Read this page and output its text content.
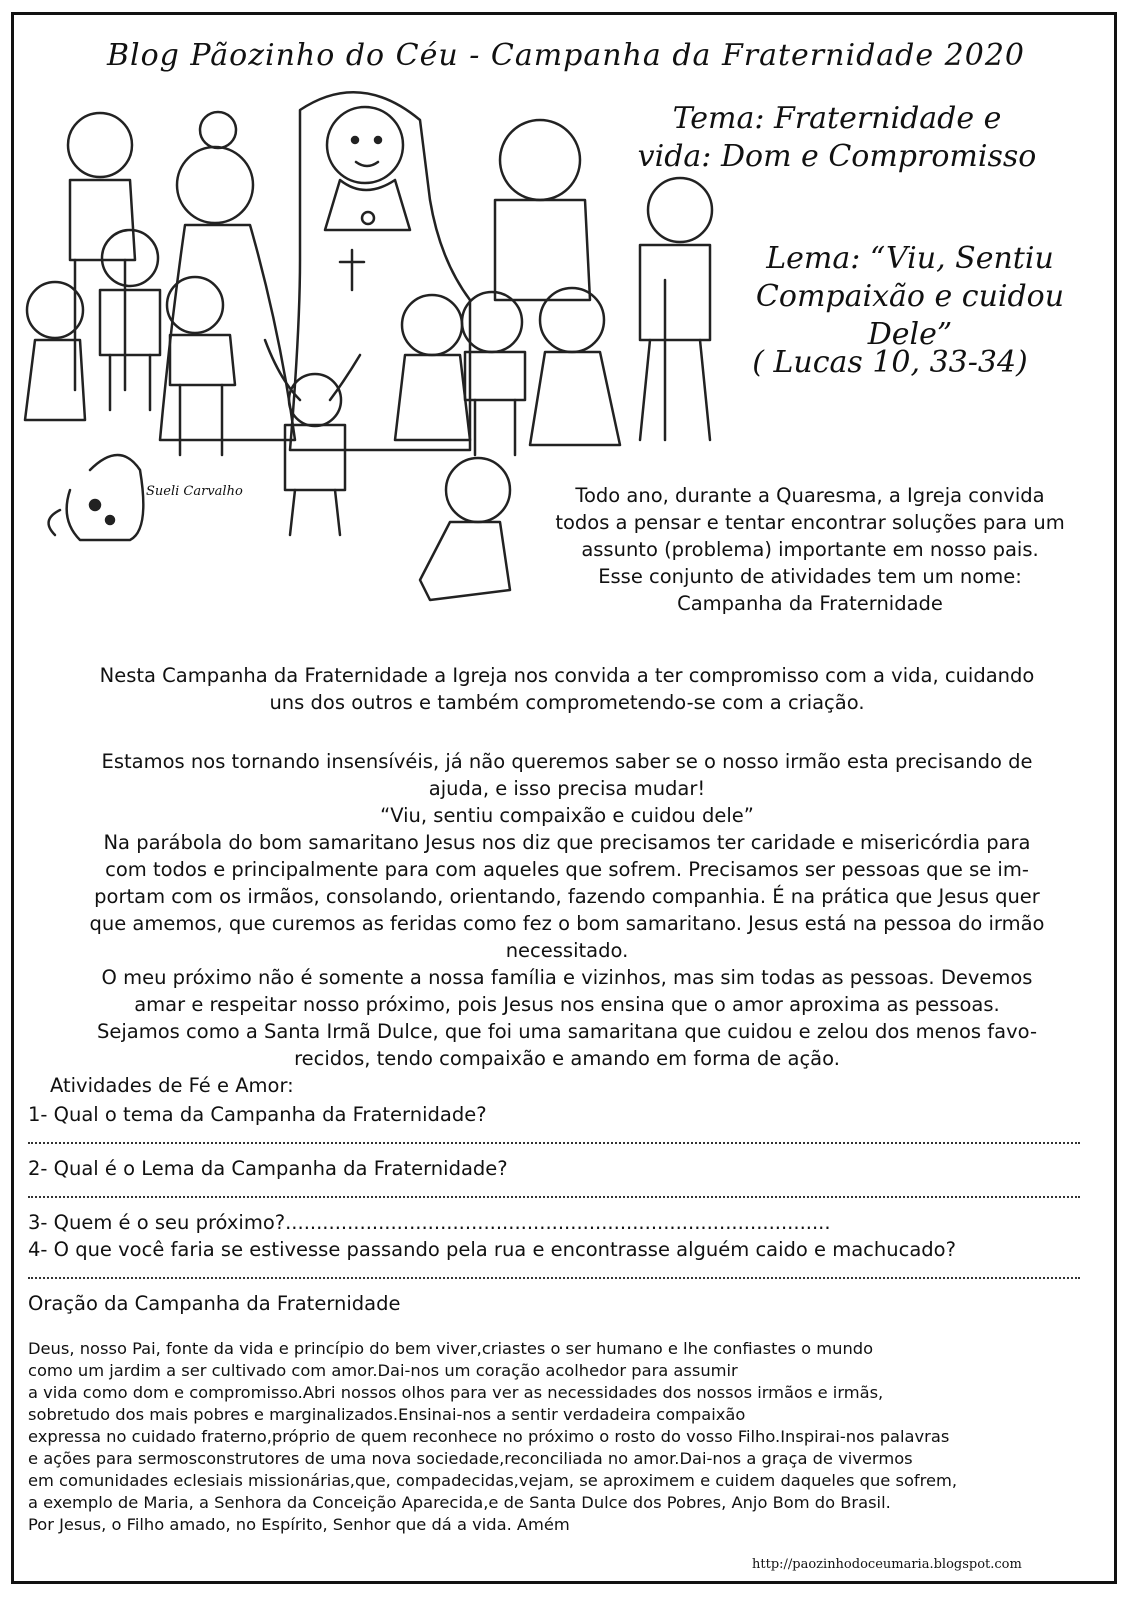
Blog Pãozinho do Céu - Campanha da Fraternidade 2020
Tema: Fraternidade e
vida: Dom e Compromisso
Lema: “Viu, Sentiu
Compaixão e cuidou
Dele”
( Lucas 10, 33-34)
Sueli Carvalho	Todo ano, durante a Quaresma, a Igreja convida
todos a pensar e tentar encontrar soluções para um
assunto (problema) importante em nosso pais.
Esse conjunto de atividades tem um nome:
Campanha da Fraternidade
Nesta Campanha da Fraternidade a Igreja nos convida a ter compromisso com a vida, cuidando
uns dos outros e também comprometendo-se com a criação.
Estamos nos tornando insensívéis, já não queremos saber se o nosso irmão esta precisando de
ajuda, e isso precisa mudar!
“Viu, sentiu compaixão e cuidou dele”
Na parábola do bom samaritano Jesus nos diz que precisamos ter caridade e misericórdia para
com todos e principalmente para com aqueles que sofrem. Precisamos ser pessoas que se im-
portam com os irmãos, consolando, orientando, fazendo companhia. É na prática que Jesus quer
que amemos, que curemos as feridas como fez o bom samaritano. Jesus está na pessoa do irmão
necessitado.
O meu próximo não é somente a nossa família e vizinhos, mas sim todas as pessoas. Devemos
amar e respeitar nosso próximo, pois Jesus nos ensina que o amor aproxima as pessoas.
Sejamos como a Santa Irmã Dulce, que foi uma samaritana que cuidou e zelou dos menos favo-
recidos, tendo compaixão e amando em forma de ação.
Atividades de Fé e Amor:
1- Qual o tema da Campanha da Fraternidade?
2- Qual é o Lema da Campanha da Fraternidade?
3- Quem é o seu próximo?........................................................................................
4- O que você faria se estivesse passando pela rua e encontrasse alguém caido e machucado?
Oração da Campanha da Fraternidade
Deus, nosso Pai, fonte da vida e princípio do bem viver,criastes o ser humano e lhe confiastes o mundo
como um jardim a ser cultivado com amor.Dai-nos um coração acolhedor para assumir
a vida como dom e compromisso.Abri nossos olhos para ver as necessidades dos nossos irmãos e irmãs,
sobretudo dos mais pobres e marginalizados.Ensinai-nos a sentir verdadeira compaixão
expressa no cuidado fraterno,próprio de quem reconhece no próximo o rosto do vosso Filho.Inspirai-nos palavras
e ações para sermosconstrutores de uma nova sociedade,reconciliada no amor.Dai-nos a graça de vivermos
em comunidades eclesiais missionárias,que, compadecidas,vejam, se aproximem e cuidem daqueles que sofrem,
a exemplo de Maria, a Senhora da Conceição Aparecida,e de Santa Dulce dos Pobres, Anjo Bom do Brasil.
Por Jesus, o Filho amado, no Espírito, Senhor que dá a vida. Amém
http://paozinhodoceumaria.blogspot.com
